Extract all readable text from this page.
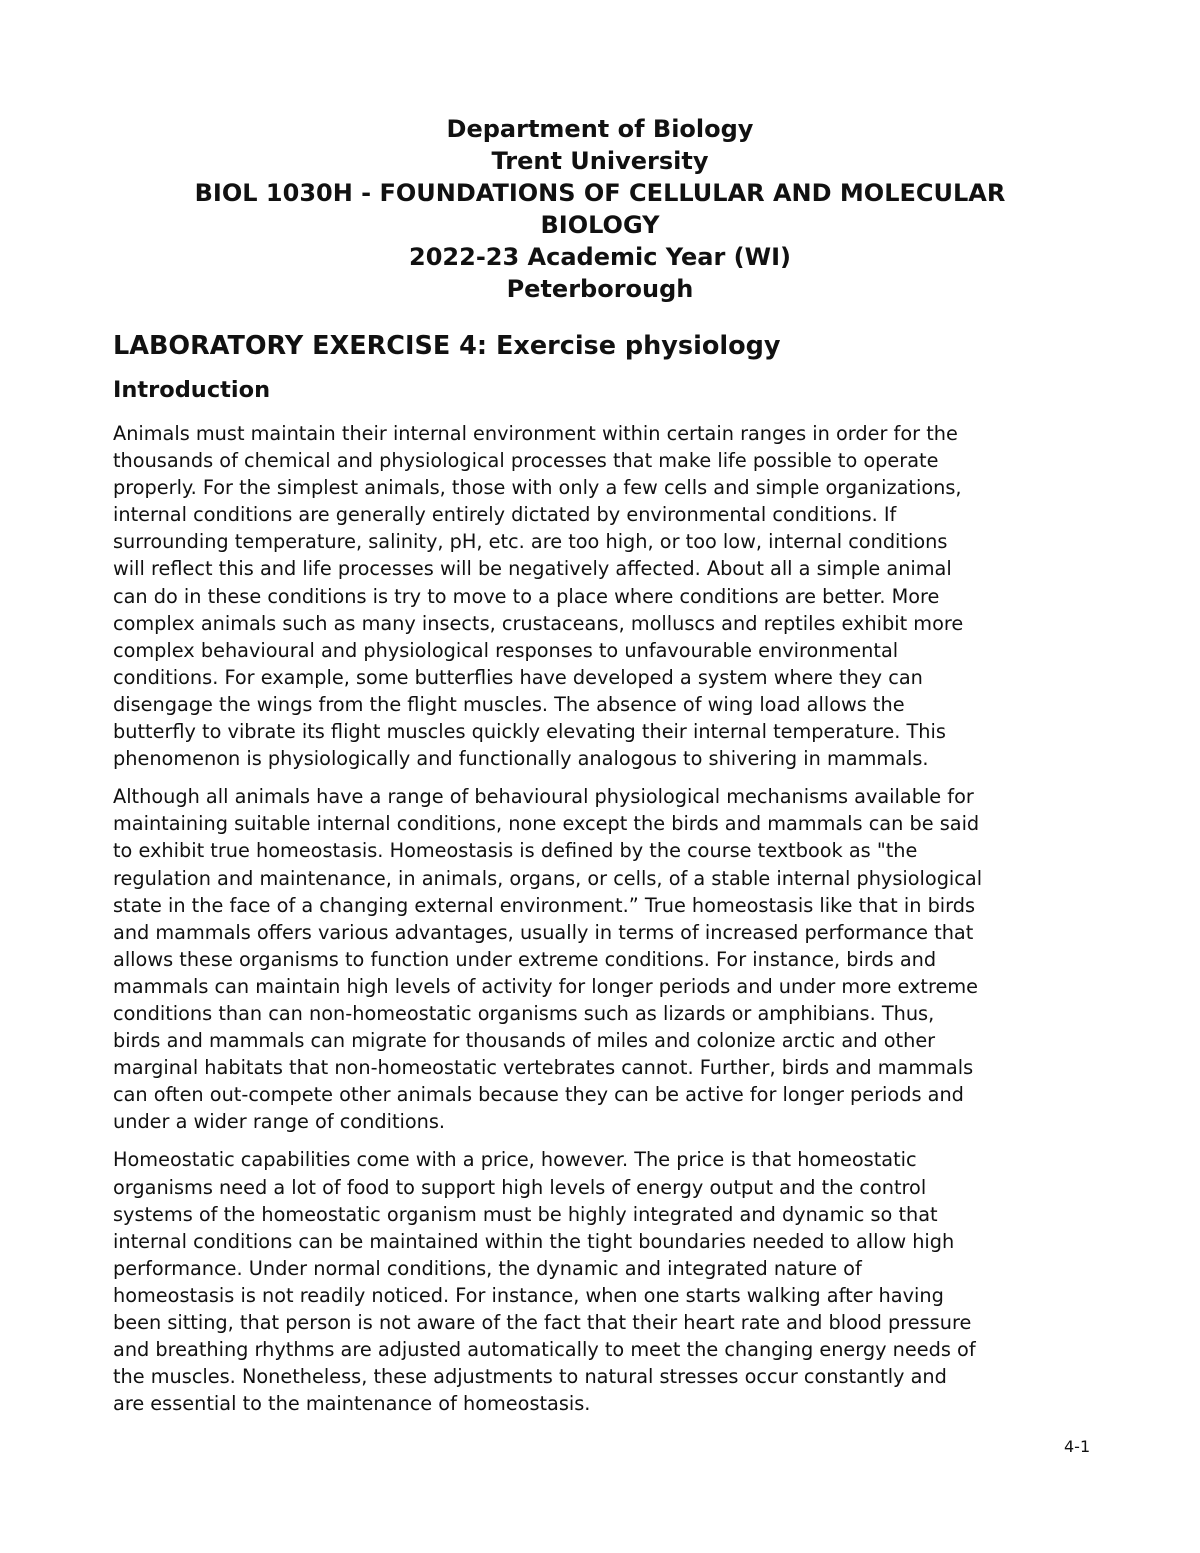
Department of Biology
Trent University
BIOL 1030H - FOUNDATIONS OF CELLULAR AND MOLECULAR
BIOLOGY
2022-23 Academic Year (WI)
Peterborough
LABORATORY EXERCISE 4: Exercise physiology
Introduction

Animals must maintain their internal environment within certain ranges in order for the
thousands of chemical and physiological processes that make life possible to operate
properly. For the simplest animals, those with only a few cells and simple organizations,
internal conditions are generally entirely dictated by environmental conditions. If
surrounding temperature, salinity, pH, etc. are too high, or too low, internal conditions
will reflect this and life processes will be negatively affected. About all a simple animal
can do in these conditions is try to move to a place where conditions are better. More
complex animals such as many insects, crustaceans, molluscs and reptiles exhibit more
complex behavioural and physiological responses to unfavourable environmental
conditions. For example, some butterflies have developed a system where they can
disengage the wings from the flight muscles. The absence of wing load allows the
butterfly to vibrate its flight muscles quickly elevating their internal temperature. This
phenomenon is physiologically and functionally analogous to shivering in mammals.

Although all animals have a range of behavioural physiological mechanisms available for
maintaining suitable internal conditions, none except the birds and mammals can be said
to exhibit true homeostasis. Homeostasis is defined by the course textbook as "the
regulation and maintenance, in animals, organs, or cells, of a stable internal physiological
state in the face of a changing external environment.” True homeostasis like that in birds
and mammals offers various advantages, usually in terms of increased performance that
allows these organisms to function under extreme conditions. For instance, birds and
mammals can maintain high levels of activity for longer periods and under more extreme
conditions than can non-homeostatic organisms such as lizards or amphibians. Thus,
birds and mammals can migrate for thousands of miles and colonize arctic and other
marginal habitats that non-homeostatic vertebrates cannot. Further, birds and mammals
can often out-compete other animals because they can be active for longer periods and
under a wider range of conditions.

Homeostatic capabilities come with a price, however. The price is that homeostatic
organisms need a lot of food to support high levels of energy output and the control
systems of the homeostatic organism must be highly integrated and dynamic so that
internal conditions can be maintained within the tight boundaries needed to allow high
performance. Under normal conditions, the dynamic and integrated nature of
homeostasis is not readily noticed. For instance, when one starts walking after having
been sitting, that person is not aware of the fact that their heart rate and blood pressure
and breathing rhythms are adjusted automatically to meet the changing energy needs of
the muscles. Nonetheless, these adjustments to natural stresses occur constantly and
are essential to the maintenance of homeostasis.

4-1
